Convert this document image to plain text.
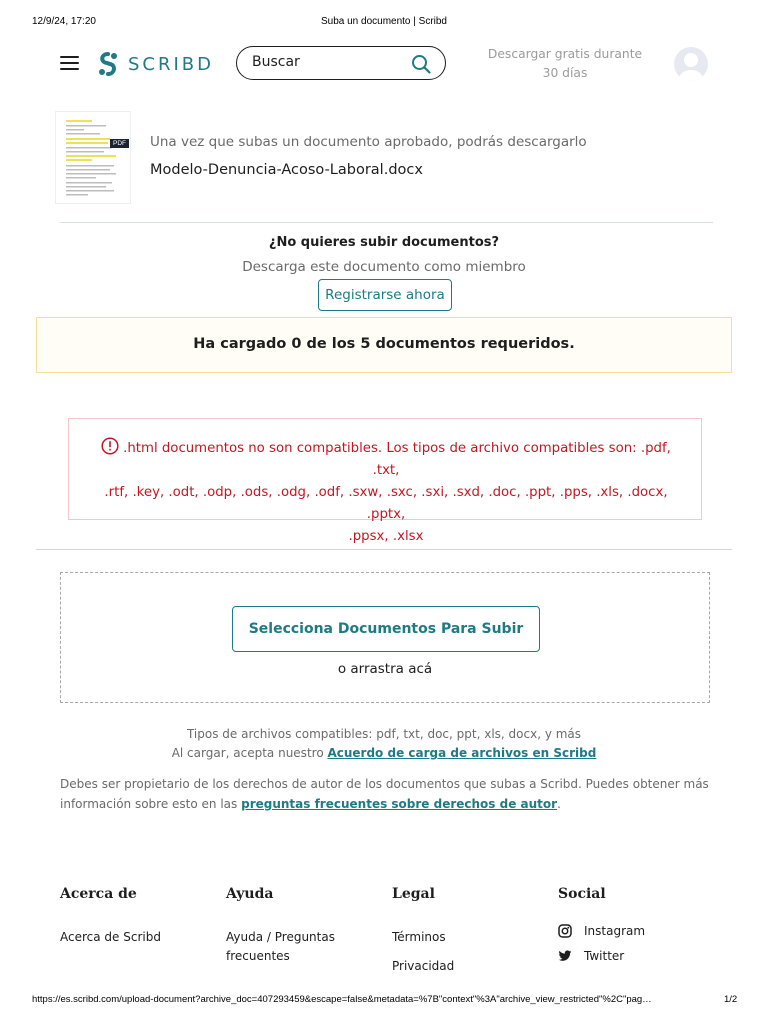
12/9/24, 17:20	Suba un documento | Scribd
SCRIBD
Buscar	Descargar gratis durante
30 días
PDF Una vez que subas un documento aprobado, podrás descargarlo
Modelo-Denuncia-Acoso-Laboral.docx
¿No quieres subir documentos?
Descarga este documento como miembro
Registrarse ahora
Ha cargado 0 de los 5 documentos requeridos.
.html documentos no son compatibles. Los tipos de archivo compatibles son: .pdf, .txt,
.rtf, .key, .odt, .odp, .ods, .odg, .odf, .sxw, .sxc, .sxi, .sxd, .doc, .ppt, .pps, .xls, .docx, .pptx,
.ppsx, .xlsx
Selecciona Documentos Para Subir
o arrastra acá
Tipos de archivos compatibles: pdf, txt, doc, ppt, xls, docx, y más
Al cargar, acepta nuestro Acuerdo de carga de archivos en Scribd
Debes ser propietario de los derechos de autor de los documentos que subas a Scribd. Puedes obtener más información sobre esto en las preguntas frecuentes sobre derechos de autor.
Acerca de
Acerca de Scribd
Ayuda
Ayuda / Preguntas frecuentes
Legal
Términos
Privacidad
Social
Instagram
Twitter
https://es.scribd.com/upload-document?archive_doc=407293459&escape=false&metadata=%7B"context"%3A"archive_view_restricted"%2C"pag…	1/2
